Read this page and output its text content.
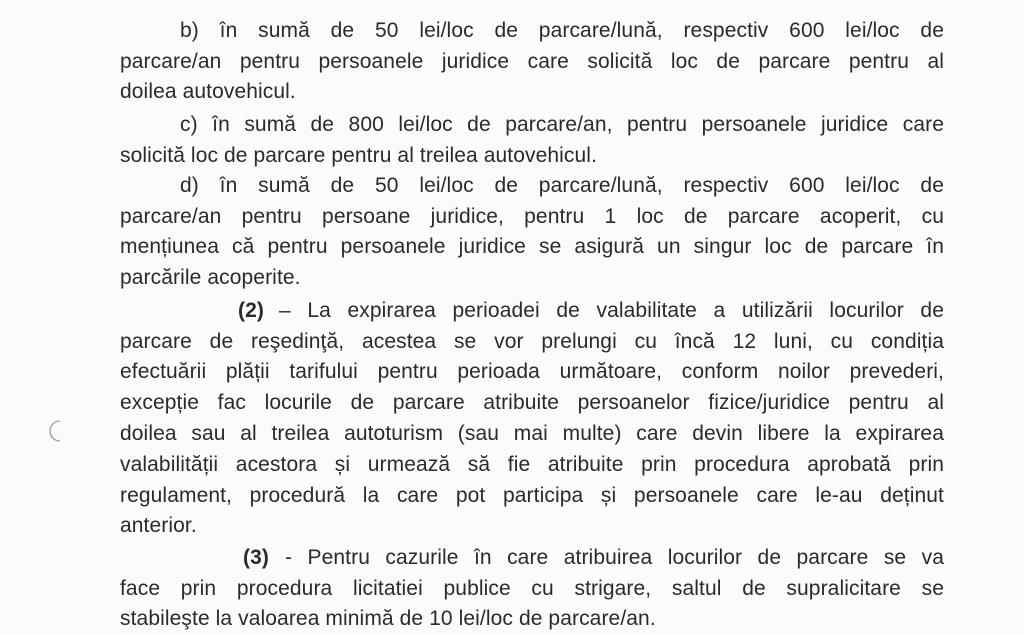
b) în sumă de 50 lei/loc de parcare/lună, respectiv 600 lei/loc de
parcare/an pentru persoanele juridice care solicită loc de parcare pentru al
doilea autovehicul.
c) în sumă de 800 lei/loc de parcare/an, pentru persoanele juridice care
solicită loc de parcare pentru al treilea autovehicul.
d) în sumă de 50 lei/loc de parcare/lună, respectiv 600 lei/loc de
parcare/an pentru persoane juridice, pentru 1 loc de parcare acoperit, cu
mențiunea că pentru persoanele juridice se asigură un singur loc de parcare în
parcările acoperite.
(2) – La expirarea perioadei de valabilitate a utilizării locurilor de
parcare de reşedinţă, acestea se vor prelungi cu încă 12 luni, cu condiția
efectuării plății tarifului pentru perioada următoare, conform noilor prevederi,
excepție fac locurile de parcare atribuite persoanelor fizice/juridice pentru al
doilea sau al treilea autoturism (sau mai multe) care devin libere la expirarea
valabilității acestora și urmează să fie atribuite prin procedura aprobată prin
regulament, procedură la care pot participa și persoanele care le-au deținut
anterior.
(3) - Pentru cazurile în care atribuirea locurilor de parcare se va
face prin procedura licitatiei publice cu strigare, saltul de supralicitare se
stabileşte la valoarea minimă de 10 lei/loc de parcare/an.
